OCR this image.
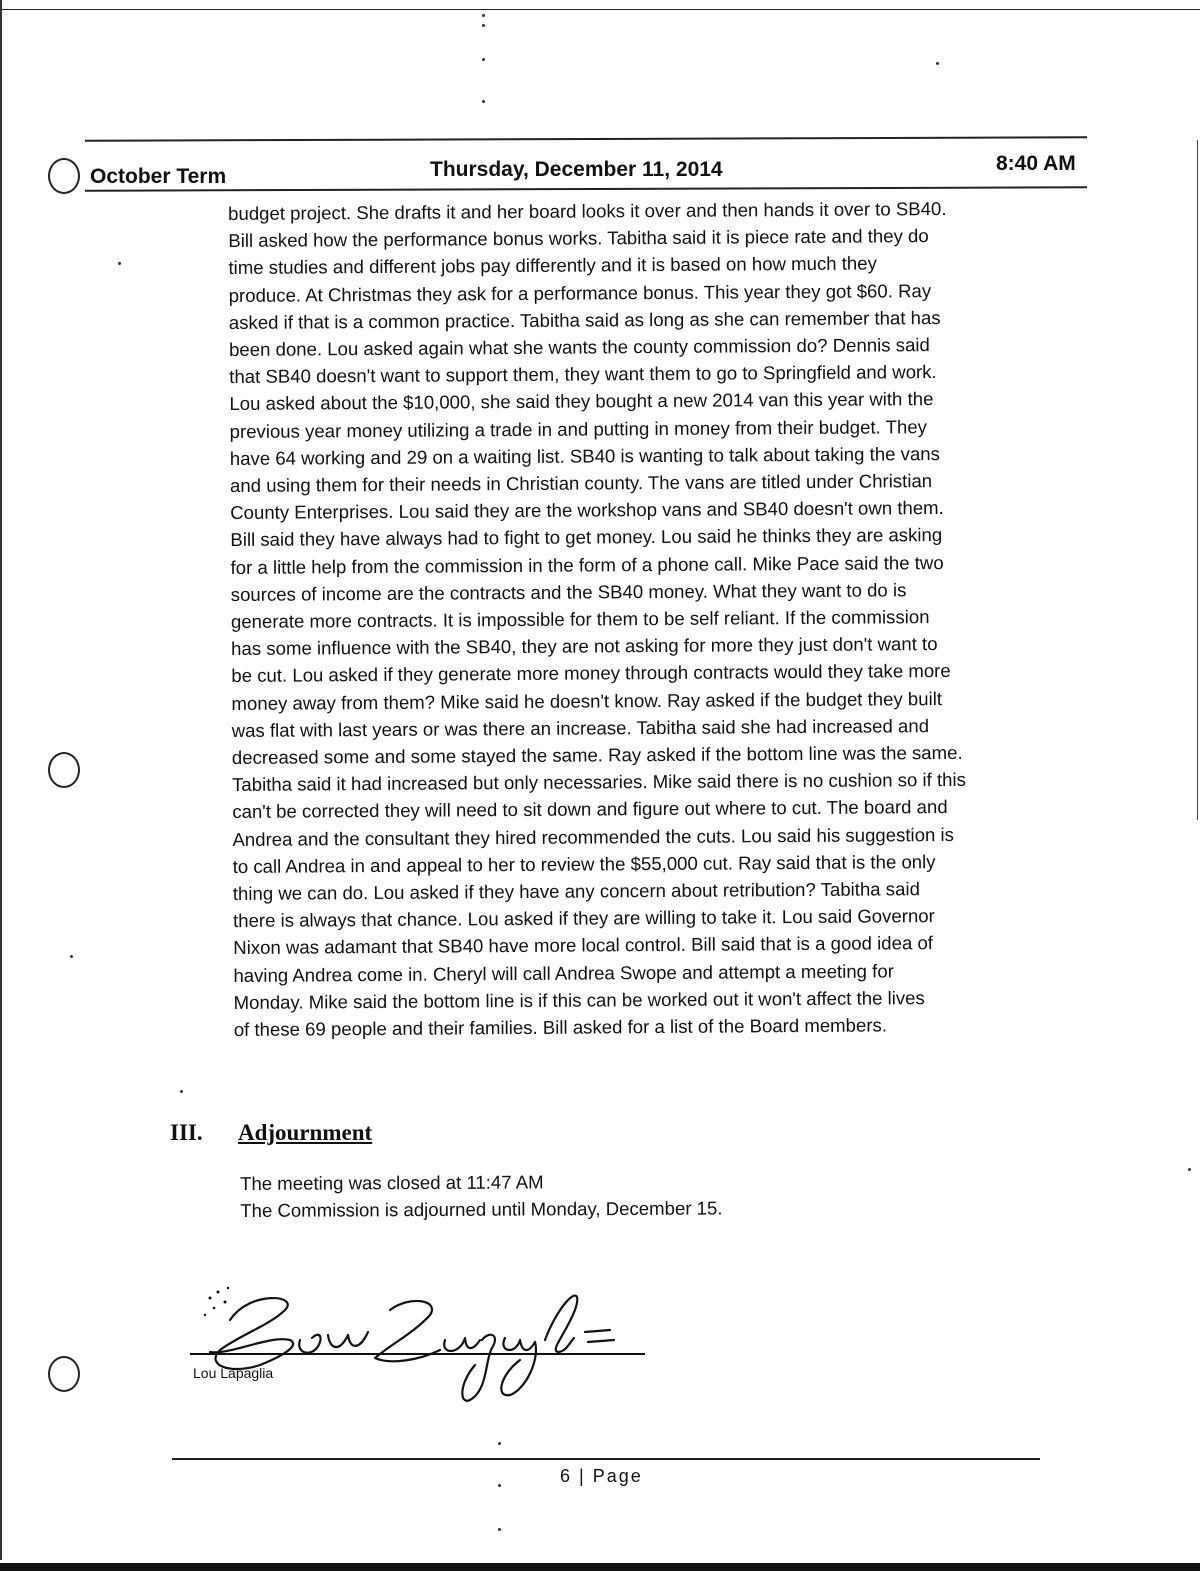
October Term	Thursday, December 11, 2014	8:40 AM
budget project. She drafts it and her board looks it over and then hands it over to SB40.
Bill asked how the performance bonus works. Tabitha said it is piece rate and they do
time studies and different jobs pay differently and it is based on how much they
produce. At Christmas they ask for a performance bonus. This year they got $60. Ray
asked if that is a common practice. Tabitha said as long as she can remember that has
been done. Lou asked again what she wants the county commission do? Dennis said
that SB40 doesn't want to support them, they want them to go to Springfield and work.
Lou asked about the $10,000, she said they bought a new 2014 van this year with the
previous year money utilizing a trade in and putting in money from their budget. They
have 64 working and 29 on a waiting list. SB40 is wanting to talk about taking the vans
and using them for their needs in Christian county. The vans are titled under Christian
County Enterprises. Lou said they are the workshop vans and SB40 doesn't own them.
Bill said they have always had to fight to get money. Lou said he thinks they are asking
for a little help from the commission in the form of a phone call. Mike Pace said the two
sources of income are the contracts and the SB40 money. What they want to do is
generate more contracts. It is impossible for them to be self reliant. If the commission
has some influence with the SB40, they are not asking for more they just don't want to
be cut. Lou asked if they generate more money through contracts would they take more
money away from them? Mike said he doesn't know. Ray asked if the budget they built
was flat with last years or was there an increase. Tabitha said she had increased and
decreased some and some stayed the same. Ray asked if the bottom line was the same.
Tabitha said it had increased but only necessaries. Mike said there is no cushion so if this
can't be corrected they will need to sit down and figure out where to cut. The board and
Andrea and the consultant they hired recommended the cuts. Lou said his suggestion is
to call Andrea in and appeal to her to review the $55,000 cut. Ray said that is the only
thing we can do. Lou asked if they have any concern about retribution? Tabitha said
there is always that chance. Lou asked if they are willing to take it. Lou said Governor
Nixon was adamant that SB40 have more local control. Bill said that is a good idea of
having Andrea come in. Cheryl will call Andrea Swope and attempt a meeting for
Monday. Mike said the bottom line is if this can be worked out it won't affect the lives
of these 69 people and their families. Bill asked for a list of the Board members.
III. Adjournment
The meeting was closed at 11:47 AM
The Commission is adjourned until Monday, December 15.
Lou Lapaglia
6 | Page
